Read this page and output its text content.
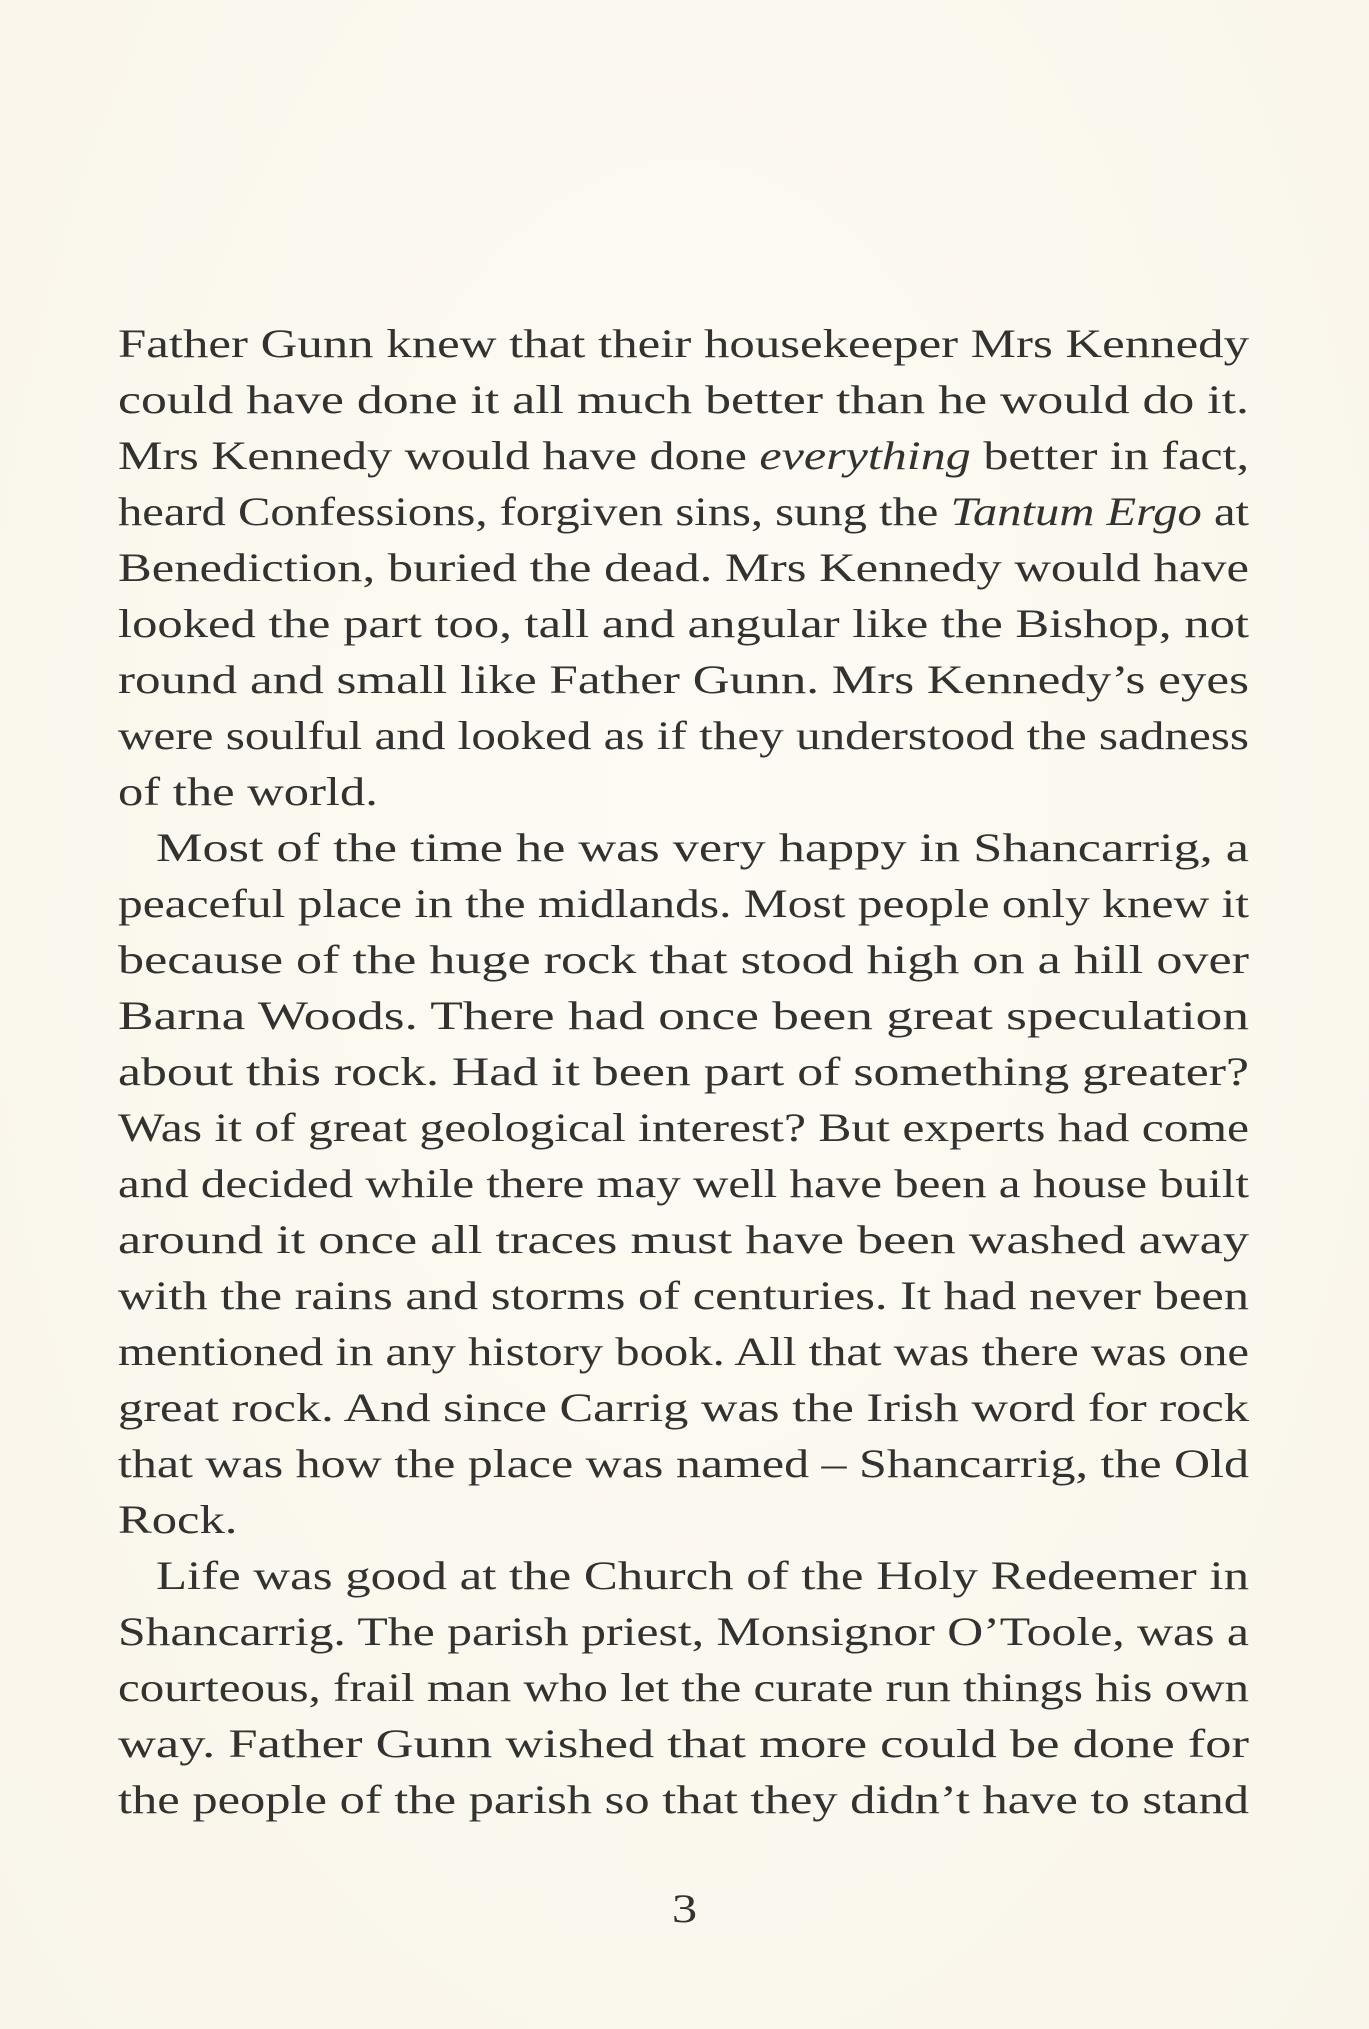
Father Gunn knew that their housekeeper Mrs Kennedy
could have done it all much better than he would do it.
Mrs Kennedy would have done everything better in fact,
heard Confessions, forgiven sins, sung the Tantum Ergo at
Benediction, buried the dead. Mrs Kennedy would have
looked the part too, tall and angular like the Bishop, not
round and small like Father Gunn. Mrs Kennedy’s eyes
were soulful and looked as if they understood the sadness
of the world.
Most of the time he was very happy in Shancarrig, a
peaceful place in the midlands. Most people only knew it
because of the huge rock that stood high on a hill over
Barna Woods. There had once been great speculation
about this rock. Had it been part of something greater?
Was it of great geological interest? But experts had come
and decided while there may well have been a house built
around it once all traces must have been washed away
with the rains and storms of centuries. It had never been
mentioned in any history book. All that was there was one
great rock. And since Carrig was the Irish word for rock
that was how the place was named – Shancarrig, the Old
Rock.
Life was good at the Church of the Holy Redeemer in
Shancarrig. The parish priest, Monsignor O’Toole, was a
courteous, frail man who let the curate run things his own
way. Father Gunn wished that more could be done for
the people of the parish so that they didn’t have to stand
3
